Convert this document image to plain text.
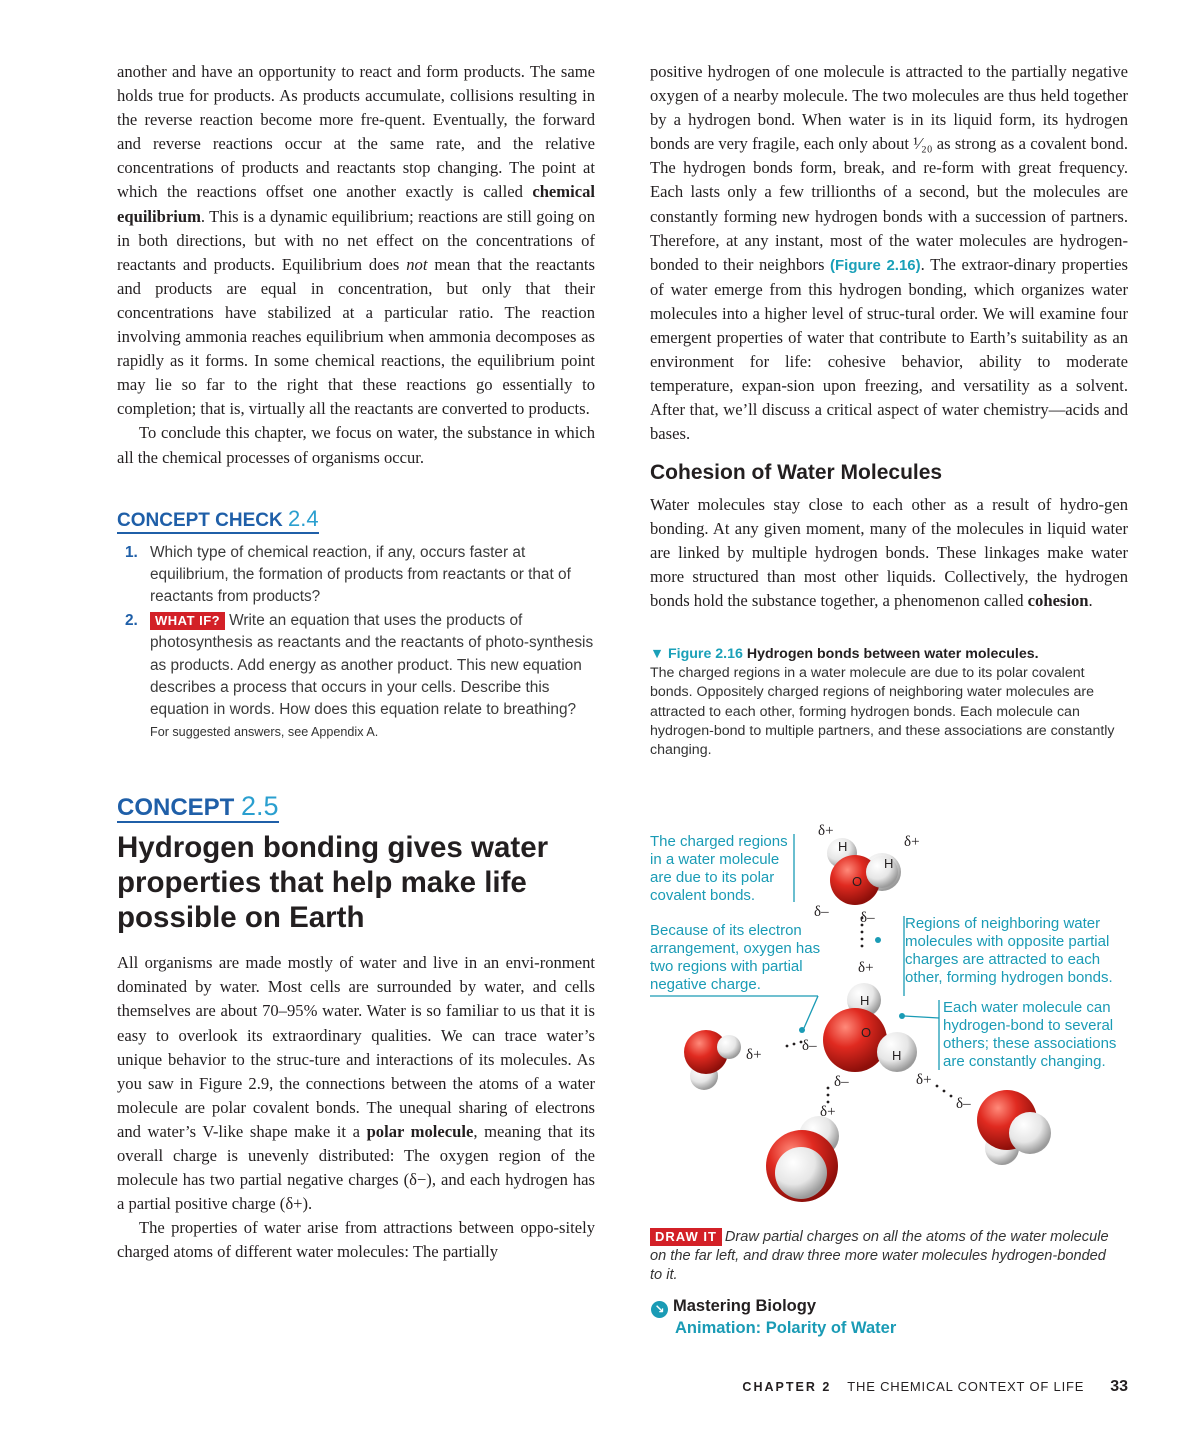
another and have an opportunity to react and form products. The same holds true for products. As products accumulate, collisions resulting in the reverse reaction become more fre-quent. Eventually, the forward and reverse reactions occur at the same rate, and the relative concentrations of products and reactants stop changing. The point at which the reactions offset one another exactly is called chemical equilibrium. This is a dynamic equilibrium; reactions are still going on in both directions, but with no net effect on the concentrations of reactants and products. Equilibrium does not mean that the reactants and products are equal in concentration, but only that their concentrations have stabilized at a particular ratio. The reaction involving ammonia reaches equilibrium when ammonia decomposes as rapidly as it forms. In some chemical reactions, the equilibrium point may lie so far to the right that these reactions go essentially to completion; that is, virtually all the reactants are converted to products.

To conclude this chapter, we focus on water, the substance in which all the chemical processes of organisms occur.

CONCEPT CHECK 2.4
1. Which type of chemical reaction, if any, occurs faster at equilibrium, the formation of products from reactants or that of reactants from products?
2. WHAT IF? Write an equation that uses the products of photosynthesis as reactants and the reactants of photo-synthesis as products. Add energy as another product. This new equation describes a process that occurs in your cells. Describe this equation in words. How does this equation relate to breathing?
For suggested answers, see Appendix A.
CONCEPT 2.5
Hydrogen bonding gives water properties that help make life possible on Earth

All organisms are made mostly of water and live in an envi-ronment dominated by water. Most cells are surrounded by water, and cells themselves are about 70–95% water. Water is so familiar to us that it is easy to overlook its extraordinary qualities. We can trace water’s unique behavior to the struc-ture and interactions of its molecules. As you saw in Figure 2.9, the connections between the atoms of a water molecule are polar covalent bonds. The unequal sharing of electrons and water’s V-like shape make it a polar molecule, meaning that its overall charge is unevenly distributed: The oxygen region of the molecule has two partial negative charges (δ−), and each hydrogen has a partial positive charge (δ+).

The properties of water arise from attractions between oppo-sitely charged atoms of different water molecules: The partially

positive hydrogen of one molecule is attracted to the partially negative oxygen of a nearby molecule. The two molecules are thus held together by a hydrogen bond. When water is in its liquid form, its hydrogen bonds are very fragile, each only about ¹⁄₂₀ as strong as a covalent bond. The hydrogen bonds form, break, and re-form with great frequency. Each lasts only a few trillionths of a second, but the molecules are constantly forming new hydrogen bonds with a succession of partners. Therefore, at any instant, most of the water molecules are hydrogen-bonded to their neighbors (Figure 2.16). The extraor-dinary properties of water emerge from this hydrogen bonding, which organizes water molecules into a higher level of struc-tural order. We will examine four emergent properties of water that contribute to Earth’s suitability as an environment for life: cohesive behavior, ability to moderate temperature, expan-sion upon freezing, and versatility as a solvent. After that, we’ll discuss a critical aspect of water chemistry—acids and bases.

Cohesion of Water Molecules

Water molecules stay close to each other as a result of hydro-gen bonding. At any given moment, many of the molecules in liquid water are linked by multiple hydrogen bonds. These linkages make water more structured than most other liquids. Collectively, the hydrogen bonds hold the substance together, a phenomenon called cohesion.

▼ Figure 2.16 Hydrogen bonds between water molecules.
The charged regions in a water molecule are due to its polar covalent bonds. Oppositely charged regions of neighboring water molecules are attracted to each other, forming hydrogen bonds. Each molecule can hydrogen-bond to multiple partners, and these associations are constantly changing.
H
H
O
H
O
H
δ+
δ+
δ– δ–
δ+
δ+
δ–
δ–
δ+
δ+
δ–
The charged regions in a water molecule are due to its polar covalent bonds.
Because of its electron arrangement, oxygen has two regions with partial negative charge.
Regions of neighboring water molecules with opposite partial charges are attracted to each other, forming hydrogen bonds.
Each water molecule can hydrogen-bond to several others; these associations are constantly changing.
DRAW IT Draw partial charges on all the atoms of the water molecule on the far left, and draw three more water molecules hydrogen-bonded to it.
↘ Mastering Biology
Animation: Polarity of Water
CHAPTER 2 THE CHEMICAL CONTEXT OF LIFE 33
